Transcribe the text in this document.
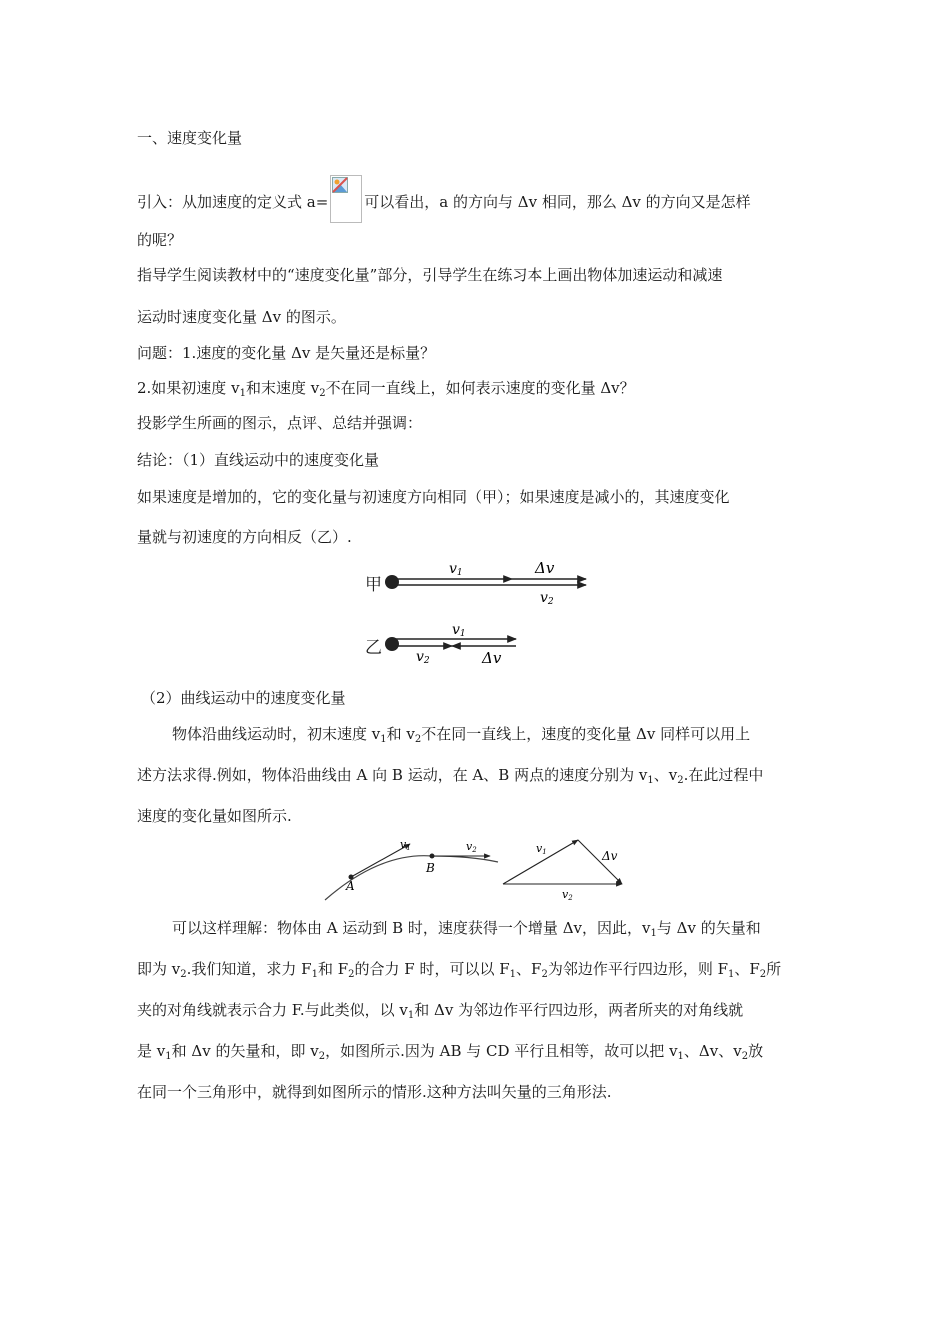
一、速度变化量
引入：从加速度的定义式 a= 可以看出，a 的方向与 Δv 相同，那么 Δv 的方向又是怎样
的呢？
指导学生阅读教材中的“速度变化量”部分，引导学生在练习本上画出物体加速运动和减速
运动时速度变化量 Δv 的图示。
问题：1.速度的变化量 Δv 是矢量还是标量？
2.如果初速度 $v_1$和末速度 $v_2$不在同一直线上，如何表示速度的变化量 Δv？
投影学生所画的图示，点评、总结并强调：
结论：（1）直线运动中的速度变化量
如果速度是增加的，它的变化量与初速度方向相同（甲）；如果速度是减小的，其速度变化
量就与初速度的方向相反（乙）.
甲
v1	Δv
v2
乙
v1
v2	Δv
（2）曲线运动中的速度变化量
物体沿曲线运动时，初末速度 $v_1$和 $v_2$不在同一直线上，速度的变化量 Δv 同样可以用上
述方法求得.例如，物体沿曲线由 A 向 B 运动，在 A、B 两点的速度分别为 $v_1$、$v_2$.在此过程中
速度的变化量如图所示.
A
B
v1	v2	v1	Δv
v2
可以这样理解：物体由 A 运动到 B 时，速度获得一个增量 Δv，因此，$v_1$与 Δv 的矢量和
即为 $v_2$.我们知道，求力 $F_1$和 $F_2$的合力 F 时，可以以 $F_1$、$F_2$为邻边作平行四边形，则 $F_1$、$F_2$所
夹的对角线就表示合力 F.与此类似，以 $v_1$和 Δv 为邻边作平行四边形，两者所夹的对角线就
是 $v_1$和 Δv 的矢量和，即 $v_2$，如图所示.因为 AB 与 CD 平行且相等，故可以把 $v_1$、Δv、$v_2$放
在同一个三角形中，就得到如图所示的情形.这种方法叫矢量的三角形法.
